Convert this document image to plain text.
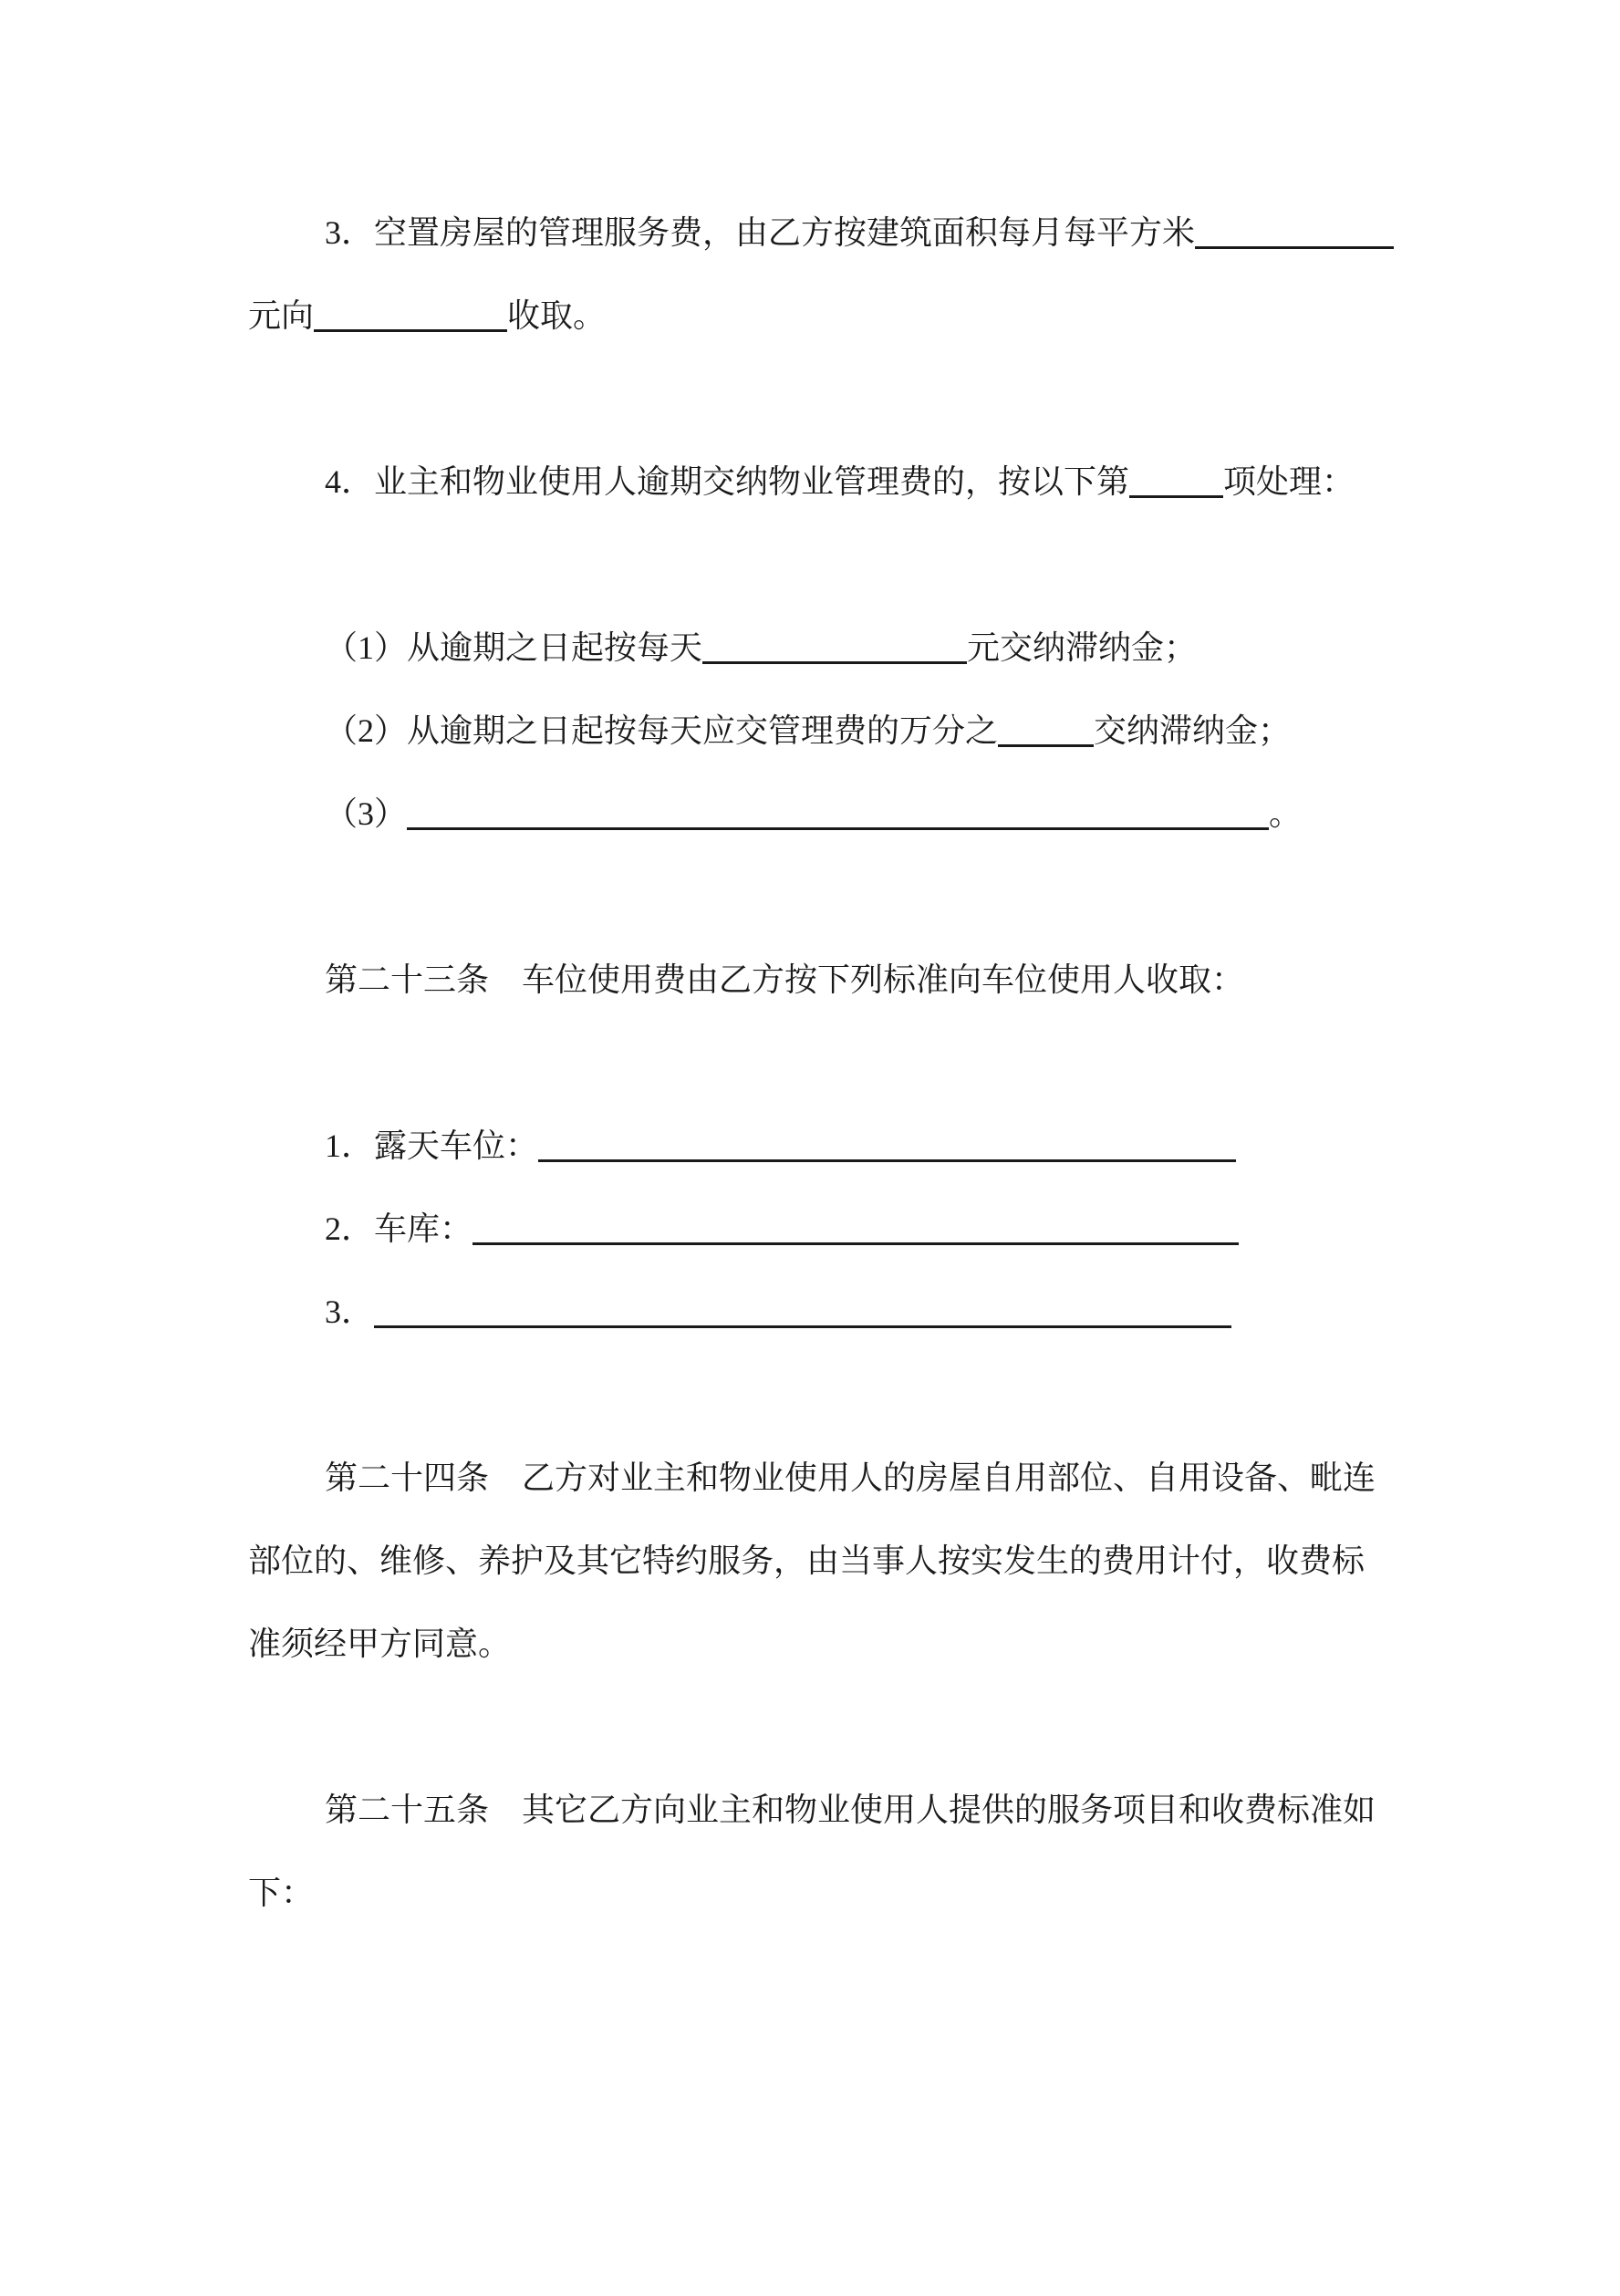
3．空置房屋的管理服务费，由乙方按建筑面积每月每平方米
元向	收取。
4．业主和物业使用人逾期交纳物业管理费的，按以下第	项处理：
（1）从逾期之日起按每天	元交纳滞纳金；
（2）从逾期之日起按每天应交管理费的万分之	交纳滞纳金；
（3）	。
第二十三条　车位使用费由乙方按下列标准向车位使用人收取：
1．露天车位：
2．车库：
3．
第二十四条　乙方对业主和物业使用人的房屋自用部位、自用设备、毗连
部位的、维修、养护及其它特约服务，由当事人按实发生的费用计付，收费标
准须经甲方同意。
第二十五条　其它乙方向业主和物业使用人提供的服务项目和收费标准如
下：
